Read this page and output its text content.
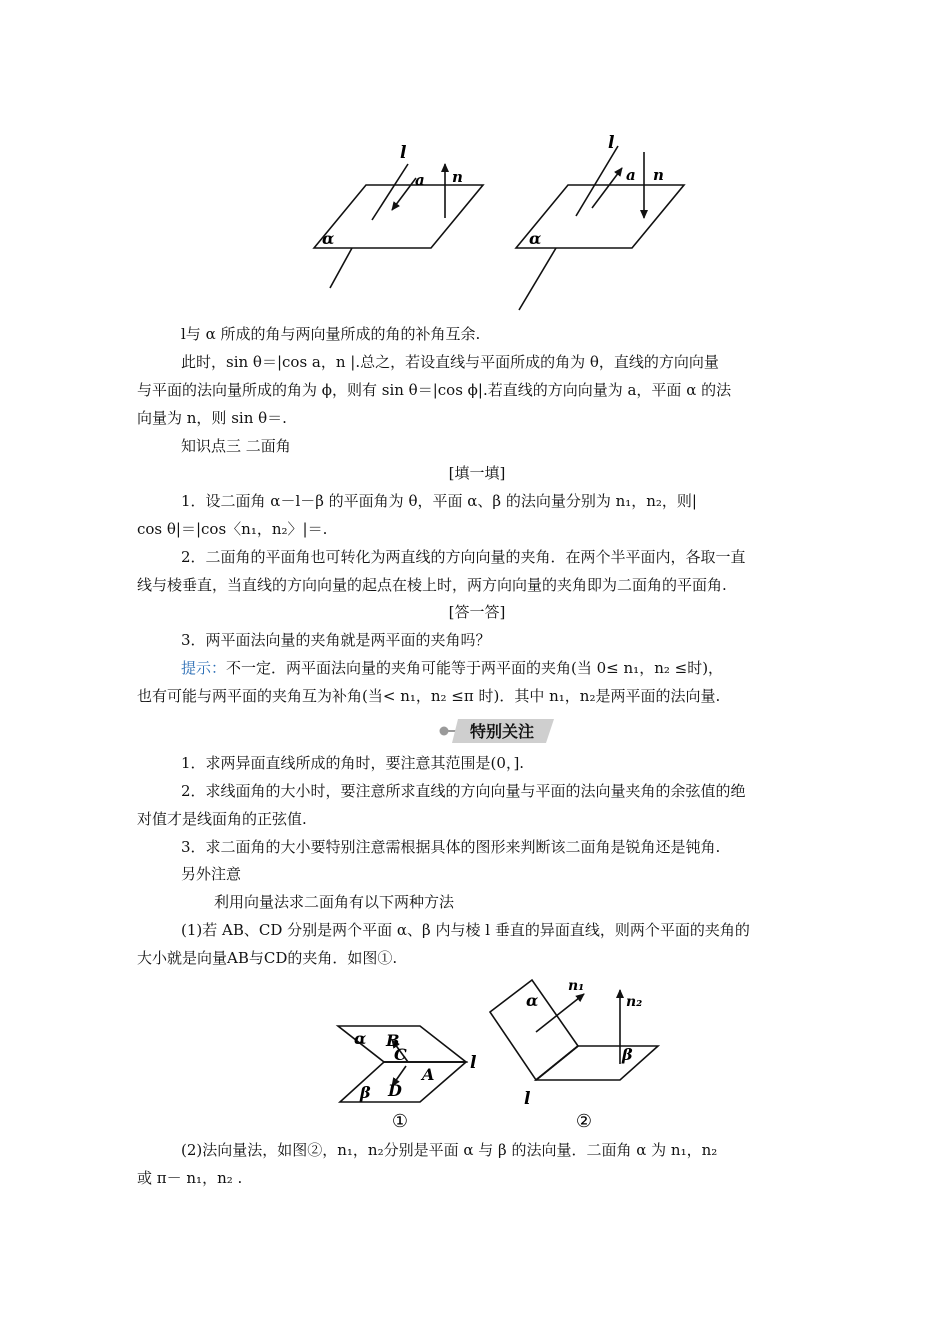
l
a n
α
l
a n
α
l与 α 所成的角与两向量所成的角的补角互余.
此时，sin θ＝|cos a，n |.总之，若设直线与平面所成的角为 θ，直线的方向向量
与平面的法向量所成的角为 ϕ，则有 sin θ＝|cos ϕ|.若直线的方向向量为 a，平面 α 的法
向量为 n，则 sin θ＝.
知识点三 二面角
[填一填]
1．设二面角 α－l－β 的平面角为 θ，平面 α、β 的法向量分别为 n₁，n₂，则|
cos θ|＝|cos〈n₁，n₂〉|＝.
2．二面角的平面角也可转化为两直线的方向向量的夹角．在两个半平面内，各取一直
线与棱垂直，当直线的方向向量的起点在棱上时，两方向向量的夹角即为二面角的平面角.
[答一答]
3．两平面法向量的夹角就是两平面的夹角吗？
提示：不一定．两平面法向量的夹角可能等于两平面的夹角(当 0≤ n₁，n₂ ≤时)，
也有可能与两平面的夹角互为补角(当< n₁，n₂ ≤π 时)．其中 n₁，n₂是两平面的法向量.
特别关注
1．求两异面直线所成的角时，要注意其范围是(0，].
2．求线面角的大小时，要注意所求直线的方向向量与平面的法向量夹角的余弦值的绝
对值才是线面角的正弦值.
3．求二面角的大小要特别注意需根据具体的图形来判断该二面角是锐角还是钝角.
另外注意
利用向量法求二面角有以下两种方法
(1)若 AB、CD 分别是两个平面 α、β 内与棱 l 垂直的异面直线，则两个平面的夹角的
大小就是向量AB与CD的夹角．如图①.
α B
C
A
β D
l
①
α
n₁
n₂
β
l
②
(2)法向量法，如图②，n₁，n₂分别是平面 α 与 β 的法向量．二面角 α 为 n₁，n₂
或 π－ n₁，n₂ .
